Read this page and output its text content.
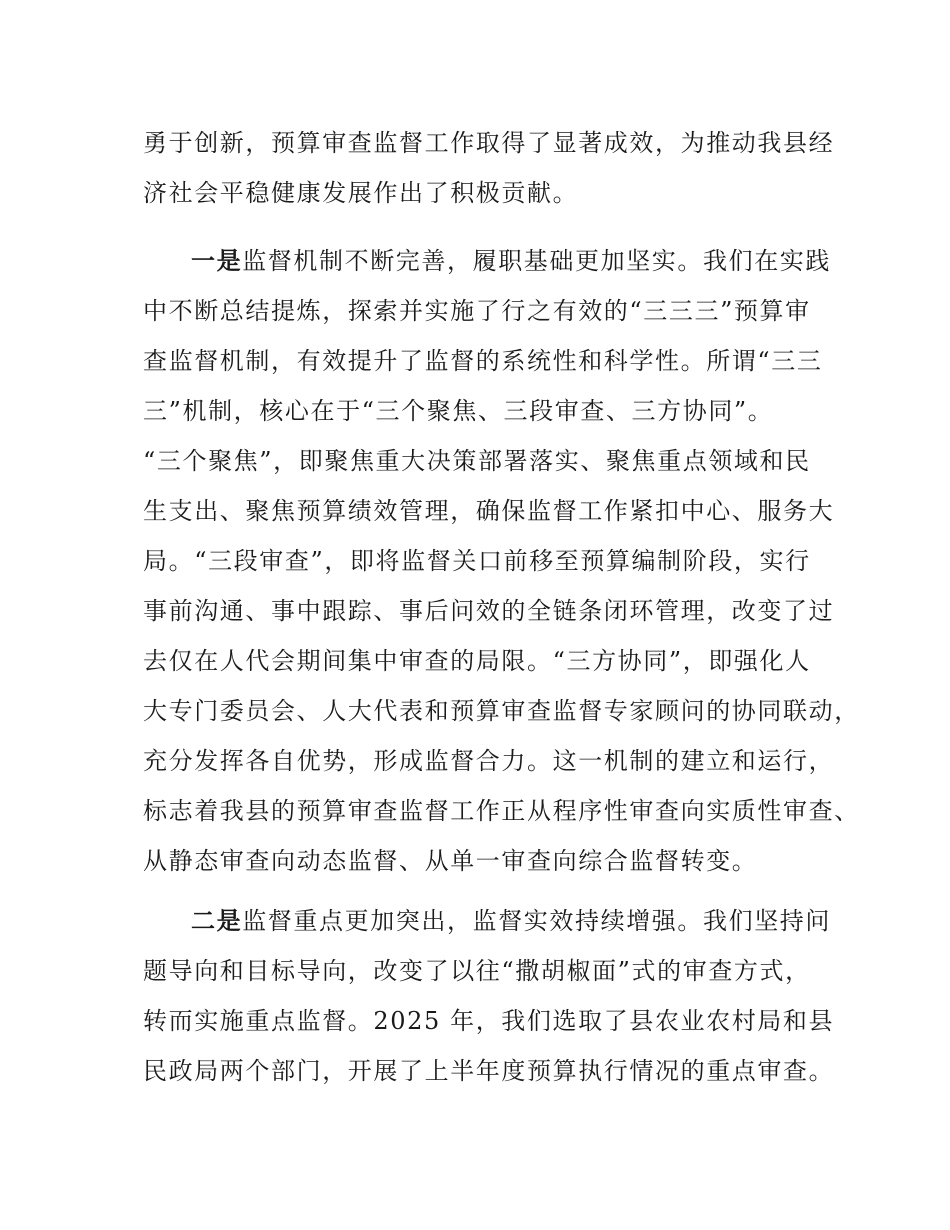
勇于创新，预算审查监督工作取得了显著成效，为推动我县经
济社会平稳健康发展作出了积极贡献。
一是监督机制不断完善，履职基础更加坚实。我们在实践
中不断总结提炼，探索并实施了行之有效的“三三三”预算审
查监督机制，有效提升了监督的系统性和科学性。所谓“三三
三”机制，核心在于“三个聚焦、三段审查、三方协同”。
“三个聚焦”，即聚焦重大决策部署落实、聚焦重点领域和民
生支出、聚焦预算绩效管理，确保监督工作紧扣中心、服务大
局。“三段审查”，即将监督关口前移至预算编制阶段，实行
事前沟通、事中跟踪、事后问效的全链条闭环管理，改变了过
去仅在人代会期间集中审查的局限。“三方协同”，即强化人
大专门委员会、人大代表和预算审查监督专家顾问的协同联动，
充分发挥各自优势，形成监督合力。这一机制的建立和运行，
标志着我县的预算审查监督工作正从程序性审查向实质性审查、
从静态审查向动态监督、从单一审查向综合监督转变。
二是监督重点更加突出，监督实效持续增强。我们坚持问
题导向和目标导向，改变了以往“撒胡椒面”式的审查方式，
转而实施重点监督。2025 年，我们选取了县农业农村局和县
民政局两个部门，开展了上半年度预算执行情况的重点审查。
